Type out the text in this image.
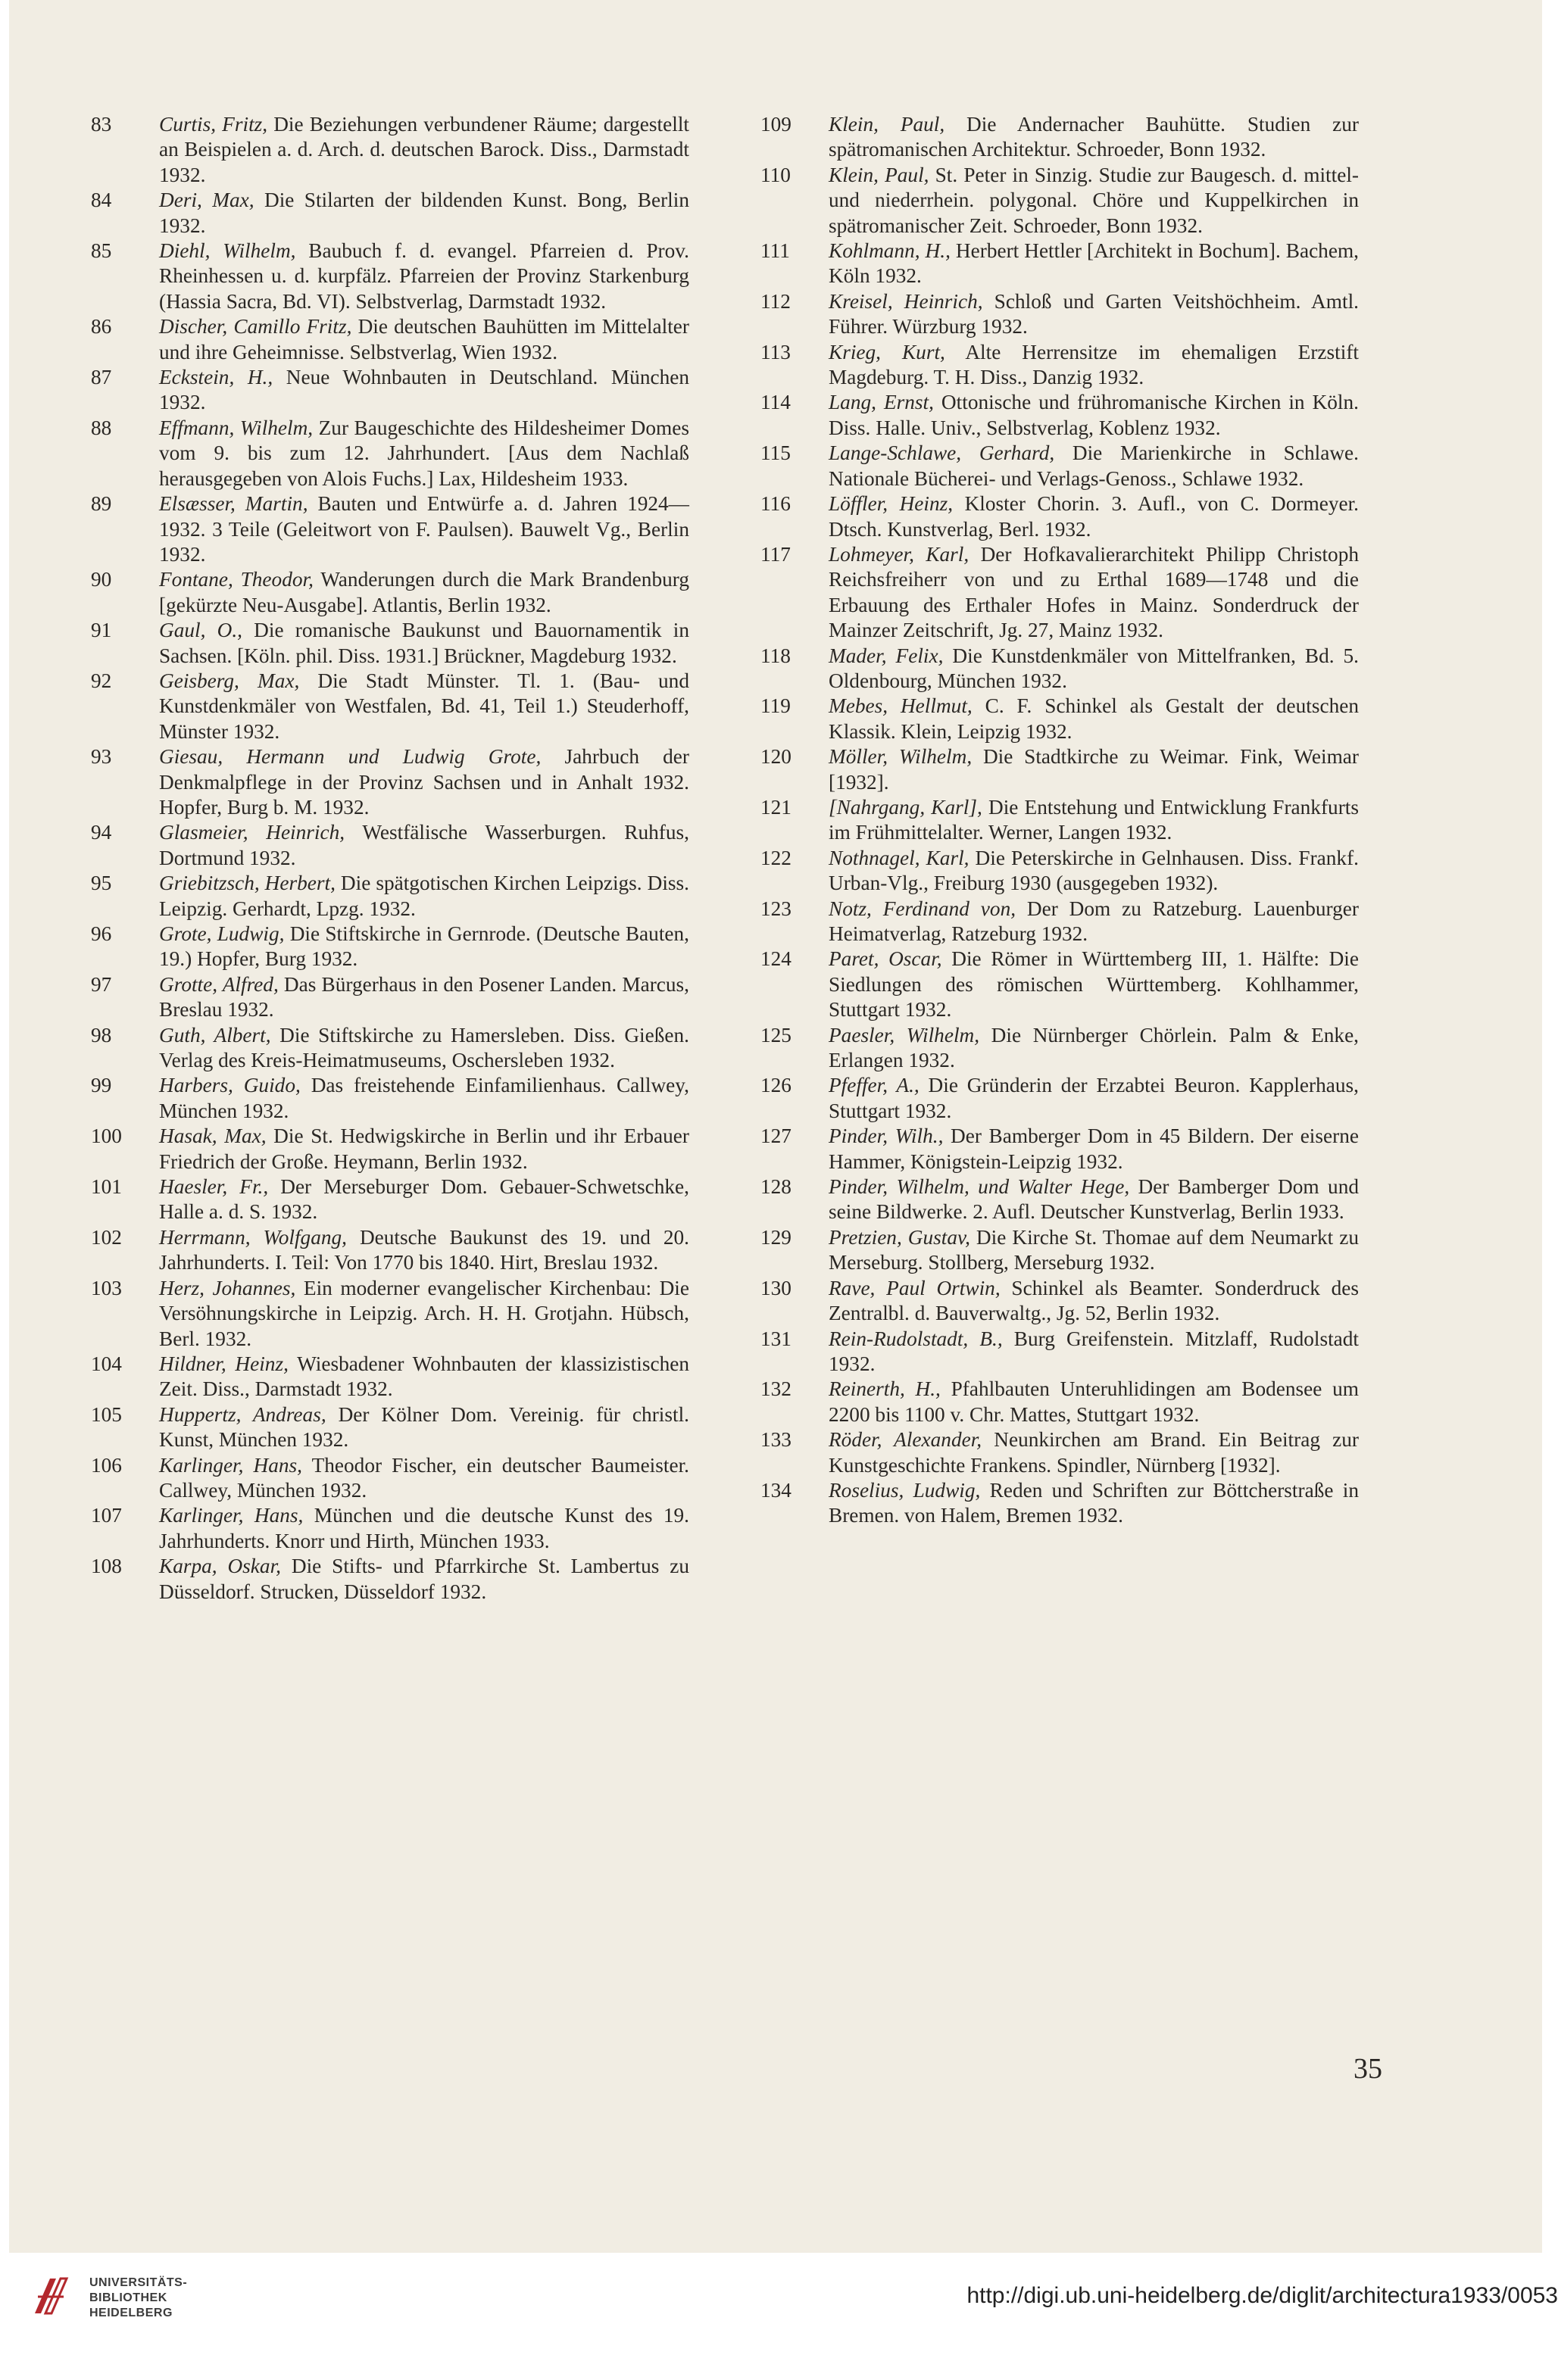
83	Curtis, Fritz, Die Beziehungen verbundener Räume; dargestellt an Beispielen a. d. Arch. d. deutschen Barock. Diss., Darmstadt 1932.

84	Deri, Max, Die Stilarten der bildenden Kunst. Bong, Berlin 1932.

85	Diehl, Wilhelm, Baubuch f. d. evangel. Pfarreien d. Prov. Rheinhessen u. d. kurpfälz. Pfarreien der Provinz Starkenburg (Hassia Sacra, Bd. VI). Selbstverlag, Darmstadt 1932.

86	Discher, Camillo Fritz, Die deutschen Bauhütten im Mittelalter und ihre Geheimnisse. Selbstverlag, Wien 1932.

87	Eckstein, H., Neue Wohnbauten in Deutschland. München 1932.

88	Effmann, Wilhelm, Zur Baugeschichte des Hildesheimer Domes vom 9. bis zum 12. Jahrhundert. [Aus dem Nachlaß herausgegeben von Alois Fuchs.] Lax, Hildesheim 1933.

89	Elsæsser, Martin, Bauten und Entwürfe a. d. Jahren 1924—1932. 3 Teile (Geleitwort von F. Paulsen). Bauwelt Vg., Berlin 1932.

90	Fontane, Theodor, Wanderungen durch die Mark Brandenburg [gekürzte Neu-Ausgabe]. Atlantis, Berlin 1932.

91	Gaul, O., Die romanische Baukunst und Bauornamentik in Sachsen. [Köln. phil. Diss. 1931.] Brückner, Magdeburg 1932.

92	Geisberg, Max, Die Stadt Münster. Tl. 1. (Bau- und Kunstdenkmäler von Westfalen, Bd. 41, Teil 1.) Steuderhoff, Münster 1932.

93	Giesau, Hermann und Ludwig Grote, Jahrbuch der Denkmalpflege in der Provinz Sachsen und in Anhalt 1932. Hopfer, Burg b. M. 1932.

94	Glasmeier, Heinrich, Westfälische Wasserburgen. Ruhfus, Dortmund 1932.

95	Griebitzsch, Herbert, Die spätgotischen Kirchen Leipzigs. Diss. Leipzig. Gerhardt, Lpzg. 1932.

96	Grote, Ludwig, Die Stiftskirche in Gernrode. (Deutsche Bauten, 19.) Hopfer, Burg 1932.

97	Grotte, Alfred, Das Bürgerhaus in den Posener Landen. Marcus, Breslau 1932.

98	Guth, Albert, Die Stiftskirche zu Hamersleben. Diss. Gießen. Verlag des Kreis-Heimatmuseums, Oschersleben 1932.

99	Harbers, Guido, Das freistehende Einfamilienhaus. Callwey, München 1932.

100	Hasak, Max, Die St. Hedwigskirche in Berlin und ihr Erbauer Friedrich der Große. Heymann, Berlin 1932.

101	Haesler, Fr., Der Merseburger Dom. Gebauer-Schwetschke, Halle a. d. S. 1932.

102	Herrmann, Wolfgang, Deutsche Baukunst des 19. und 20. Jahrhunderts. I. Teil: Von 1770 bis 1840. Hirt, Breslau 1932.

103	Herz, Johannes, Ein moderner evangelischer Kirchenbau: Die Versöhnungskirche in Leipzig. Arch. H. H. Grotjahn. Hübsch, Berl. 1932.

104	Hildner, Heinz, Wiesbadener Wohnbauten der klassizistischen Zeit. Diss., Darmstadt 1932.

105	Huppertz, Andreas, Der Kölner Dom. Vereinig. für christl. Kunst, München 1932.

106	Karlinger, Hans, Theodor Fischer, ein deutscher Baumeister. Callwey, München 1932.

107	Karlinger, Hans, München und die deutsche Kunst des 19. Jahrhunderts. Knorr und Hirth, München 1933.

108	Karpa, Oskar, Die Stifts- und Pfarrkirche St. Lambertus zu Düsseldorf. Strucken, Düsseldorf 1932.

109	Klein, Paul, Die Andernacher Bauhütte. Studien zur spätromanischen Architektur. Schroeder, Bonn 1932.

110	Klein, Paul, St. Peter in Sinzig. Studie zur Baugesch. d. mittel- und niederrhein. polygonal. Chöre und Kuppelkirchen in spätromanischer Zeit. Schroeder, Bonn 1932.

111	Kohlmann, H., Herbert Hettler [Architekt in Bochum]. Bachem, Köln 1932.

112	Kreisel, Heinrich, Schloß und Garten Veitshöchheim. Amtl. Führer. Würzburg 1932.

113	Krieg, Kurt, Alte Herrensitze im ehemaligen Erzstift Magdeburg. T. H. Diss., Danzig 1932.

114	Lang, Ernst, Ottonische und frühromanische Kirchen in Köln. Diss. Halle. Univ., Selbstverlag, Koblenz 1932.

115	Lange-Schlawe, Gerhard, Die Marienkirche in Schlawe. Nationale Bücherei- und Verlags-Genoss., Schlawe 1932.

116	Löffler, Heinz, Kloster Chorin. 3. Aufl., von C. Dormeyer. Dtsch. Kunstverlag, Berl. 1932.

117	Lohmeyer, Karl, Der Hofkavalierarchitekt Philipp Christoph Reichsfreiherr von und zu Erthal 1689—1748 und die Erbauung des Erthaler Hofes in Mainz. Sonderdruck der Mainzer Zeitschrift, Jg. 27, Mainz 1932.

118	Mader, Felix, Die Kunstdenkmäler von Mittelfranken, Bd. 5. Oldenbourg, München 1932.

119	Mebes, Hellmut, C. F. Schinkel als Gestalt der deutschen Klassik. Klein, Leipzig 1932.

120	Möller, Wilhelm, Die Stadtkirche zu Weimar. Fink, Weimar [1932].

121	[Nahrgang, Karl], Die Entstehung und Entwicklung Frankfurts im Frühmittelalter. Werner, Langen 1932.

122	Nothnagel, Karl, Die Peterskirche in Gelnhausen. Diss. Frankf. Urban-Vlg., Freiburg 1930 (ausgegeben 1932).

123	Notz, Ferdinand von, Der Dom zu Ratzeburg. Lauenburger Heimatverlag, Ratzeburg 1932.

124	Paret, Oscar, Die Römer in Württemberg III, 1. Hälfte: Die Siedlungen des römischen Württemberg. Kohlhammer, Stuttgart 1932.

125	Paesler, Wilhelm, Die Nürnberger Chörlein. Palm & Enke, Erlangen 1932.

126	Pfeffer, A., Die Gründerin der Erzabtei Beuron. Kapplerhaus, Stuttgart 1932.

127	Pinder, Wilh., Der Bamberger Dom in 45 Bildern. Der eiserne Hammer, Königstein-Leipzig 1932.

128	Pinder, Wilhelm, und Walter Hege, Der Bamberger Dom und seine Bildwerke. 2. Aufl. Deutscher Kunstverlag, Berlin 1933.

129	Pretzien, Gustav, Die Kirche St. Thomae auf dem Neumarkt zu Merseburg. Stollberg, Merseburg 1932.

130	Rave, Paul Ortwin, Schinkel als Beamter. Sonderdruck des Zentralbl. d. Bauverwaltg., Jg. 52, Berlin 1932.

131	Rein-Rudolstadt, B., Burg Greifenstein. Mitzlaff, Rudolstadt 1932.

132	Reinerth, H., Pfahlbauten Unteruhlidingen am Bodensee um 2200 bis 1100 v. Chr. Mattes, Stuttgart 1932.

133	Röder, Alexander, Neunkirchen am Brand. Ein Beitrag zur Kunstgeschichte Frankens. Spindler, Nürnberg [1932].

134	Roselius, Ludwig, Reden und Schriften zur Böttcherstraße in Bremen. von Halem, Bremen 1932.

35
UNIVERSITÄTS-
BIBLIOTHEK
HEIDELBERG
http://digi.ub.uni-heidelberg.de/diglit/architectura1933/0053
